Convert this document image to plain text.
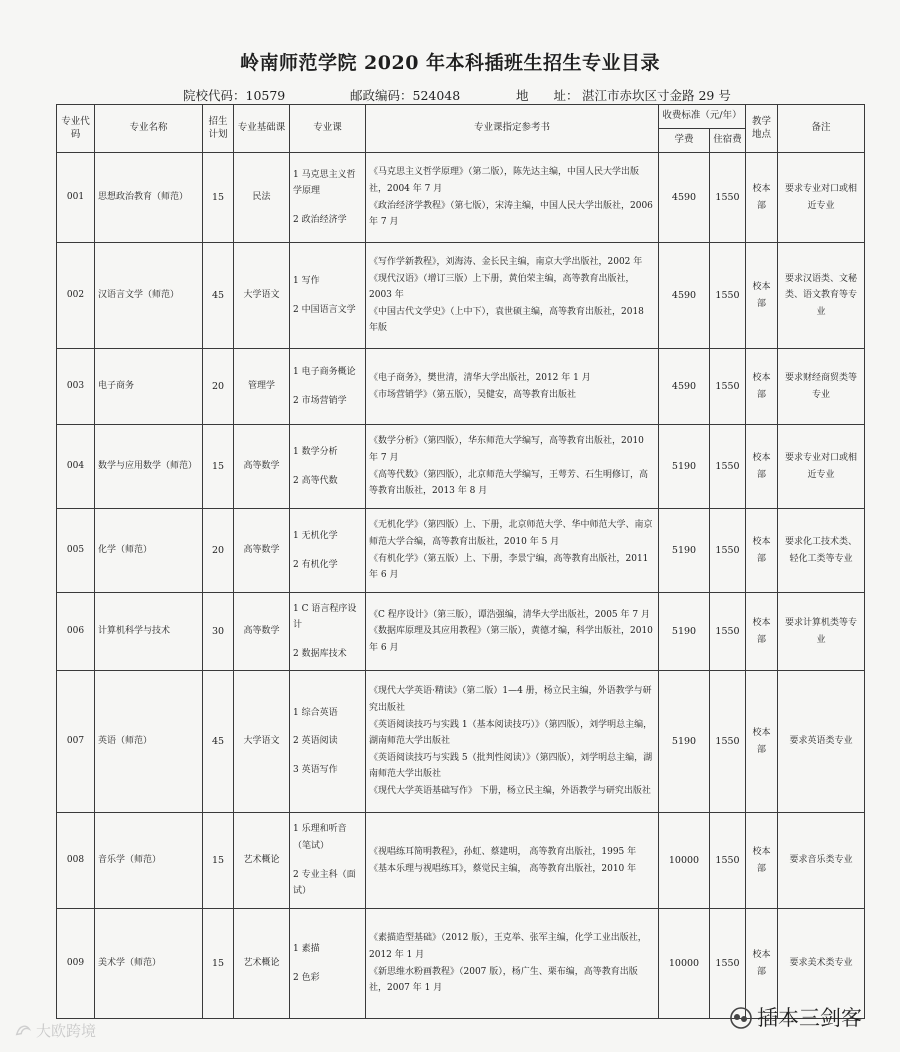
岭南师范学院 2020 年本科插班生招生专业目录
院校代码：10579	邮政编码：524048	地　　址： 湛江市赤坎区寸金路 29 号
专业代码	专业名称	招生计划	专业基础课	专业课	专业课指定参考书	收费标准（元/年）		教学地点	备注
						学费	住宿费		
001	思想政治教育（师范）	15	民法	1 马克思主义哲学原理
2 政治经济学	《马克思主义哲学原理》（第二版），陈先达主编，中国人民大学出版社，2004 年 7 月
《政治经济学教程》（第七版），宋涛主编，中国人民大学出版社，2006 年 7 月	4590	1550	校本部	要求专业对口或相近专业
002	汉语言文学（师范）	45	大学语文	1 写作
2 中国语言文学	《写作学新教程》，刘海涛、金长民主编，南京大学出版社，2002 年
《现代汉语》（增订三版）上下册，黄伯荣主编，高等教育出版社，2003 年
《中国古代文学史》（上中下），袁世硕主编，高等教育出版社，2018 年版	4590	1550	校本部	要求汉语类、文秘类、语文教育等专业
003	电子商务	20	管理学	1 电子商务概论
2 市场营销学	《电子商务》，樊世清，清华大学出版社，2012 年 1 月
《市场营销学》（第五版），吴健安，高等教育出版社	4590	1550	校本部	要求财经商贸类等专业
004	数学与应用数学（师范）	15	高等数学	1 数学分析
2 高等代数	《数学分析》（第四版），华东师范大学编写，高等教育出版社，2010 年 7 月
《高等代数》（第四版），北京师范大学编写，王萼芳、石生明修订，高等教育出版社，2013 年 8 月	5190	1550	校本部	要求专业对口或相近专业
005	化学（师范）	20	高等数学	1 无机化学
2 有机化学	《无机化学》（第四版）上、下册，北京师范大学、华中师范大学、南京师范大学合编，高等教育出版社，2010 年 5 月
《有机化学》（第五版）上、下册，李景宁编，高等教育出版社，2011 年 6 月	5190	1550	校本部	要求化工技术类、轻化工类等专业
006	计算机科学与技术	30	高等数学	1 C 语言程序设计
2 数据库技术	《C 程序设计》（第三版），谭浩强编，清华大学出版社，2005 年 7 月
《数据库原理及其应用教程》（第三版），黄德才编，科学出版社，2010 年 6 月	5190	1550	校本部	要求计算机类等专业
007	英语（师范）	45	大学语文	1 综合英语
2 英语阅读
3 英语写作	《现代大学英语·精读》（第二版）1—4 册，杨立民主编，外语教学与研究出版社
《英语阅读技巧与实践 1（基本阅读技巧）》（第四版），刘学明总主编，湖南师范大学出版社
《英语阅读技巧与实践 5（批判性阅读）》（第四版），刘学明总主编，湖南师范大学出版社
《现代大学英语基础写作》 下册，杨立民主编，外语教学与研究出版社	5190	1550	校本部	要求英语类专业
008	音乐学（师范）	15	艺术概论	1 乐理和听音（笔试）
2 专业主科（面试）	《视唱练耳简明教程》，孙虹、蔡建明， 高等教育出版社，1995 年
《基本乐理与视唱练耳》，蔡觉民主编， 高等教育出版社，2010 年	10000	1550	校本部	要求音乐类专业
009	美术学（师范）	15	艺术概论	1 素描
2 色彩	《素描造型基础》（2012 版），王克举、张军主编，化学工业出版社，2012 年 1 月
《新思维水粉画教程》（2007 版），杨广生、栗布编，高等教育出版社，2007 年 1 月	10000	1550	校本部	要求美术类专业
大欧跨境
插本三剑客
